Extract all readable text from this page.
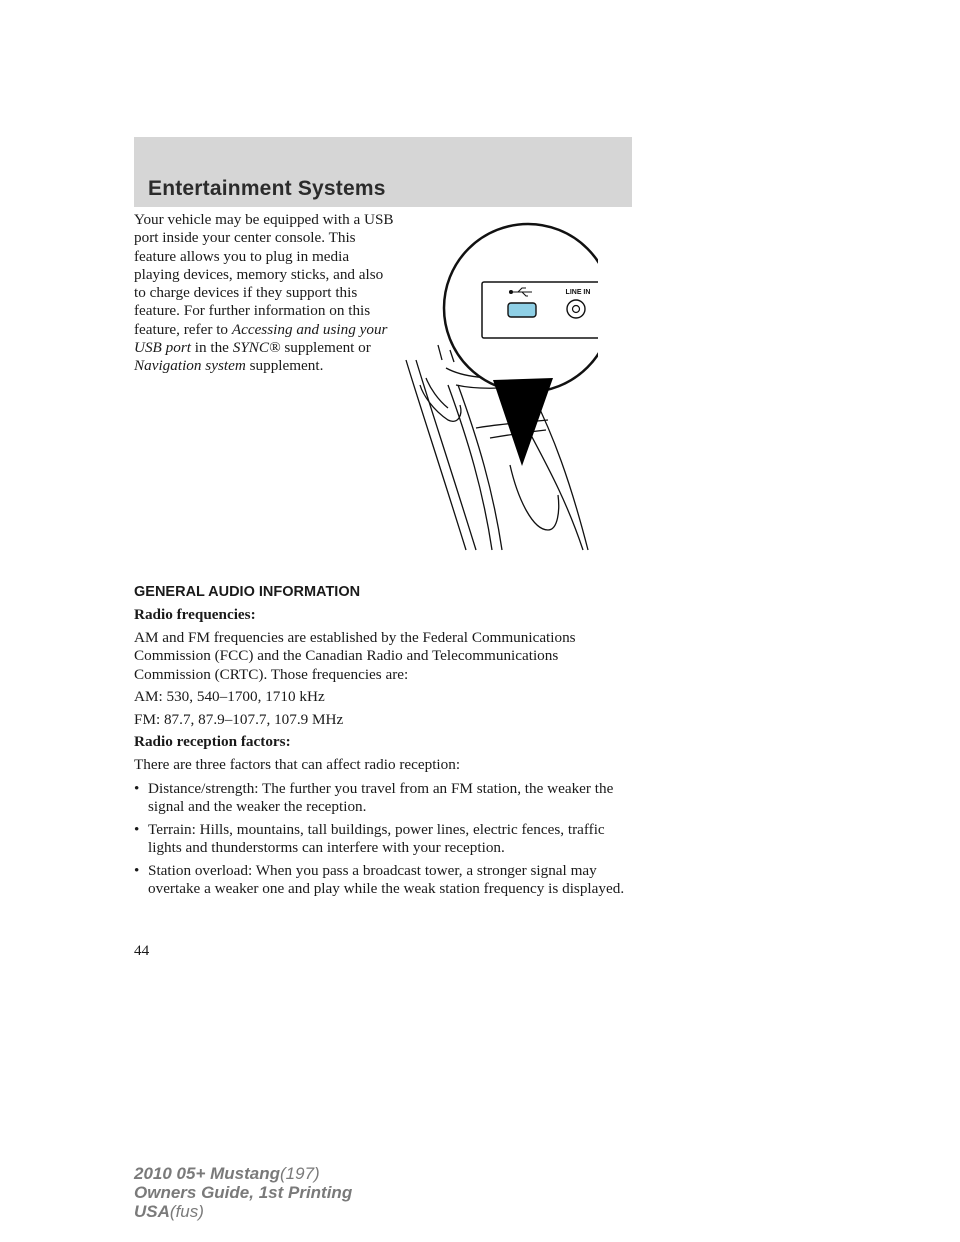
Entertainment Systems
Your vehicle may be equipped with a USB port inside your center console. This feature allows you to plug in media playing devices, memory sticks, and also to charge devices if they support this feature. For further information on this feature, refer to Accessing and using your USB port in the SYNC® supplement or Navigation system supplement.
LINE IN
GENERAL AUDIO INFORMATION
Radio frequencies:
AM and FM frequencies are established by the Federal Communications Commission (FCC) and the Canadian Radio and Telecommunications Commission (CRTC). Those frequencies are:
AM: 530, 540–1700, 1710 kHz
FM: 87.7, 87.9–107.7, 107.9 MHz
Radio reception factors:
There are three factors that can affect radio reception:
• Distance/strength: The further you travel from an FM station, the weaker the signal and the weaker the reception.
• Terrain: Hills, mountains, tall buildings, power lines, electric fences, traffic lights and thunderstorms can interfere with your reception.
• Station overload: When you pass a broadcast tower, a stronger signal may overtake a weaker one and play while the weak station frequency is displayed.
44
2010 05+ Mustang(197)
Owners Guide, 1st Printing
USA(fus)
